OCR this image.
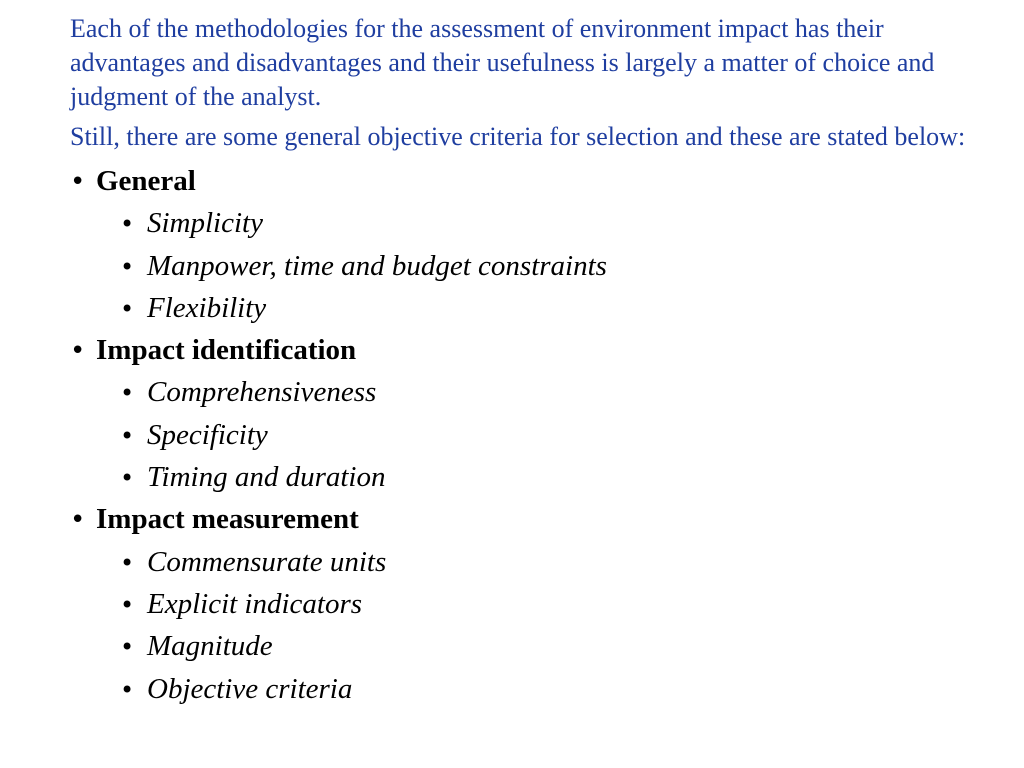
Each of the methodologies for the assessment of environment impact has their advantages and disadvantages and their usefulness is largely a matter of choice and judgment of the analyst.

Still, there are some general objective criteria for selection and these are stated below:

• General
• Simplicity
• Manpower, time and budget constraints
• Flexibility
• Impact identification
• Comprehensiveness
• Specificity
• Timing and duration
• Impact measurement
• Commensurate units
• Explicit indicators
• Magnitude
• Objective criteria
